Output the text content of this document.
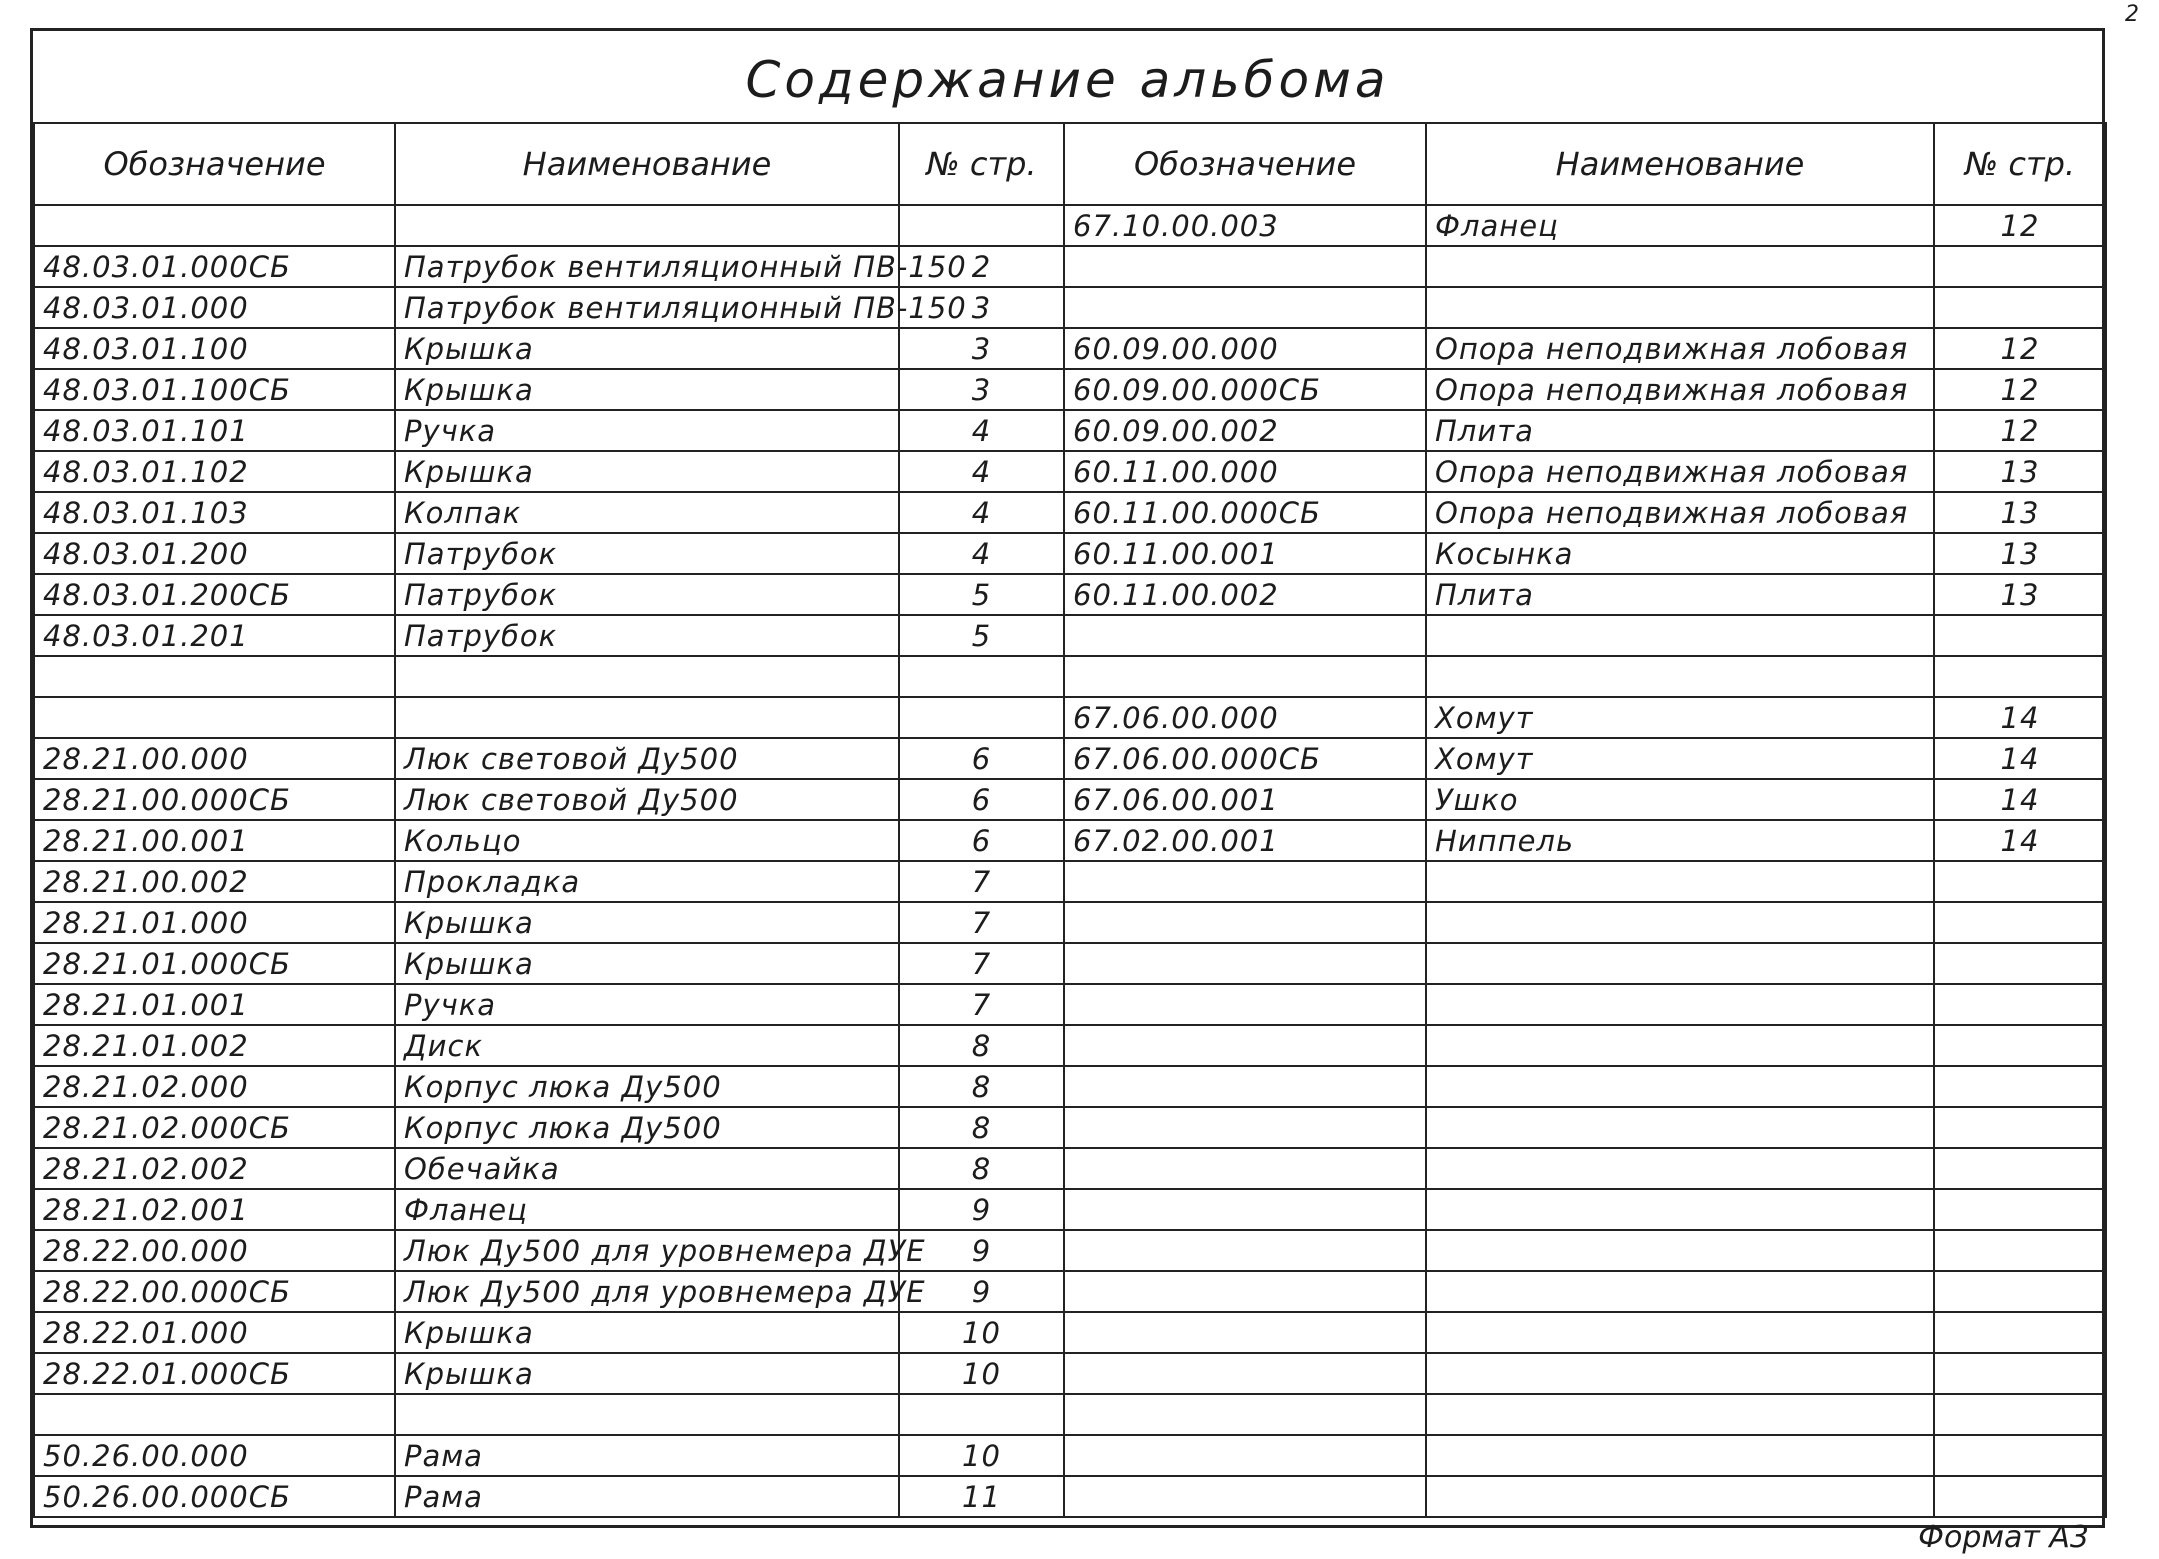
Содержание альбома
2
Обозначение	Наименование	№ стр.	Обозначение	Наименование	№ стр.
			67.10.00.003	Фланец	12
48.03.01.000СБ	Патрубок вентиляционный ПВ-150	2			
48.03.01.000	Патрубок вентиляционный ПВ-150	3			
48.03.01.100	Крышка	3	60.09.00.000	Опора неподвижная лобовая	12
48.03.01.100СБ	Крышка	3	60.09.00.000СБ	Опора неподвижная лобовая	12
48.03.01.101	Ручка	4	60.09.00.002	Плита	12
48.03.01.102	Крышка	4	60.11.00.000	Опора неподвижная лобовая	13
48.03.01.103	Колпак	4	60.11.00.000СБ	Опора неподвижная лобовая	13
48.03.01.200	Патрубок	4	60.11.00.001	Косынка	13
48.03.01.200СБ	Патрубок	5	60.11.00.002	Плита	13
48.03.01.201	Патрубок	5			

			67.06.00.000	Хомут	14
28.21.00.000	Люк световой Ду500	6	67.06.00.000СБ	Хомут	14
28.21.00.000СБ	Люк световой Ду500	6	67.06.00.001	Ушко	14
28.21.00.001	Кольцо	6	67.02.00.001	Ниппель	14
28.21.00.002	Прокладка	7			
28.21.01.000	Крышка	7			
28.21.01.000СБ	Крышка	7			
28.21.01.001	Ручка	7			
28.21.01.002	Диск	8			
28.21.02.000	Корпус люка Ду500	8			
28.21.02.000СБ	Корпус люка Ду500	8			
28.21.02.002	Обечайка	8			
28.21.02.001	Фланец	9			
28.22.00.000	Люк Ду500 для уровнемера ДУЕ	9			
28.22.00.000СБ	Люк Ду500 для уровнемера ДУЕ	9			
28.22.01.000	Крышка	10			
28.22.01.000СБ	Крышка	10			

50.26.00.000	Рама	10			
50.26.00.000СБ	Рама	11			
Формат А3
